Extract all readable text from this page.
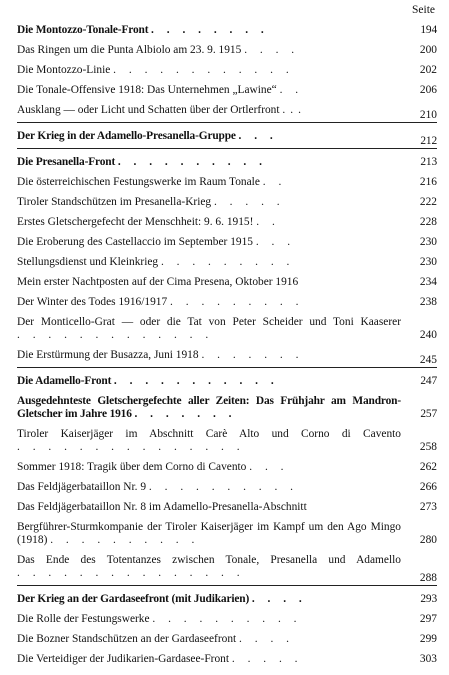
Seite
Die Montozzo-Tonale-Front . . . . . . . .	194
Das Ringen um die Punta Albiolo am 23. 9. 1915 . . . .	200
Die Montozzo-Linie . . . . . . . . . . . .	202
Die Tonale-Offensive 1918: Das Unternehmen „Lawine“ . .	206
Ausklang — oder Licht und Schatten über der Ortlerfront ...	210
Der Krieg in der Adamello-Presanella-Gruppe . . .	212
Die Presanella-Front . . . . . . . . . .	213
Die österreichischen Festungswerke im Raum Tonale . .	216
Tiroler Standschützen im Presanella-Krieg . . . . .	222
Erstes Gletschergefecht der Menschheit: 9. 6. 1915! . .	228
Die Eroberung des Castellaccio im September 1915 . . .	230
Stellungsdienst und Kleinkrieg . . . . . . . . .	230
Mein erster Nachtposten auf der Cima Presena, Oktober 1916	234
Der Winter des Todes 1916/1917 . . . . . . . . .	238
Der Monticello-Grat — oder die Tat von Peter Scheider und Toni Kaaserer . . . . . . . . . . . . .	240
Die Erstürmung der Busazza, Juni 1918 . . . . . . .	245
Die Adamello-Front . . . . . . . . . . .	247
Ausgedehnteste Gletschergefechte aller Zeiten: Das Frühjahr am Mandron-Gletscher im Jahre 1916 . . . . . . .	257
Tiroler Kaiserjäger im Abschnitt Carè Alto und Corno di Cavento . . . . . . . . . . . . . . .	258
Sommer 1918: Tragik über dem Corno di Cavento . . .	262
Das Feldjägerbataillon Nr. 9 . . . . . . . . . .	266
Das Feldjägerbataillon Nr. 8 im Adamello-Presanella-Abschnitt	273
Bergführer-Sturmkompanie der Tiroler Kaiserjäger im Kampf um den Ago Mingo (1918) . . . . . . . . . .	280
Das Ende des Totentanzes zwischen Tonale, Presanella und Adamello . . . . . . . . . . . . . . .	288
Der Krieg an der Gardaseefront (mit Judikarien) . . . .	293
Die Rolle der Festungswerke . . . . . . . . . .	297
Die Bozner Standschützen an der Gardaseefront . . . .	299
Die Verteidiger der Judikarien-Gardasee-Front . . . . .	303
